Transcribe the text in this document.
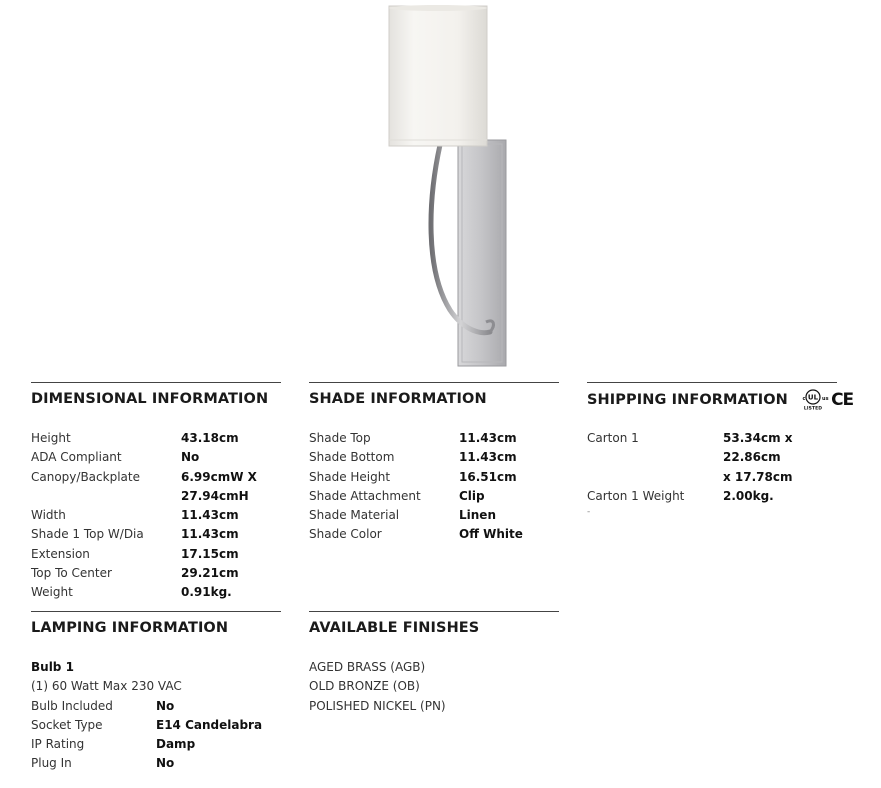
DIMENSIONAL INFORMATION
Height	43.18cm
ADA Compliant	No
Canopy/Backplate	6.99cmW X
27.94cmH
Width	11.43cm
Shade 1 Top W/Dia	11.43cm
Extension	17.15cm
Top To Center	29.21cm
Weight	0.91kg.
SHADE INFORMATION
Shade Top	11.43cm
Shade Bottom	11.43cm
Shade Height	16.51cm
Shade Attachment	Clip
Shade Material	Linen
Shade Color	Off White
SHIPPING INFORMATION	UL
LISTED
c	us CE
Carton 1	53.34cm x 22.86cm
x 17.78cm
Carton 1 Weight	2.00kg.
-
LAMPING INFORMATION
Bulb 1
(1) 60 Watt Max 230 VAC
Bulb Included	No
Socket Type	E14 Candelabra
IP Rating	Damp
Plug In	No
AVAILABLE FINISHES
AGED BRASS (AGB)
OLD BRONZE (OB)
POLISHED NICKEL (PN)
